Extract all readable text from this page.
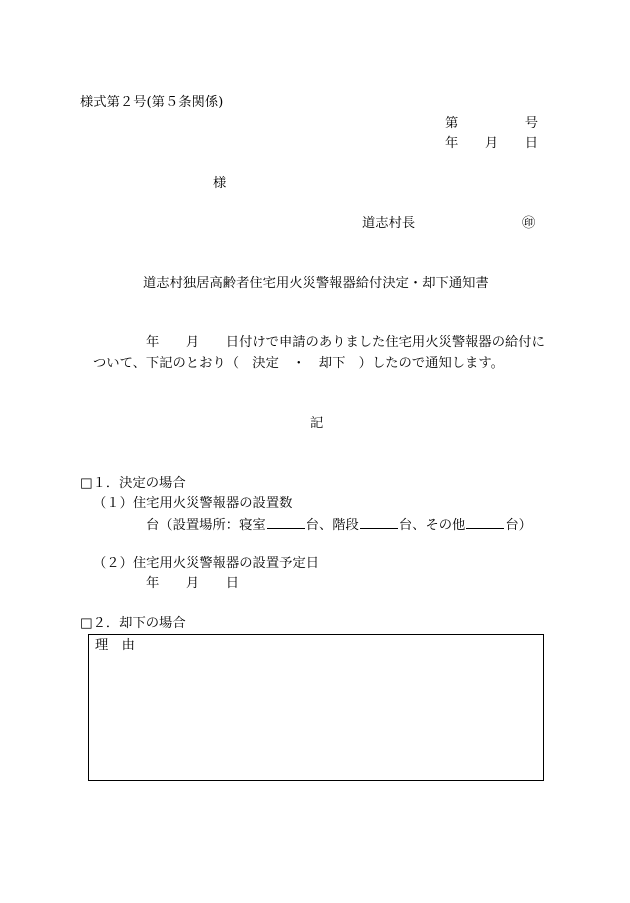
様式第２号(第５条関係)
第　　　　　号
年　　月　　日
様
道志村長	㊞
道志村独居高齢者住宅用火災警報器給付決定・却下通知書
年　　月　　日付けで申請のありました住宅用火災警報器の給付に
ついて、下記のとおり（　決定　・　却下　）したので通知します。
記
□１．決定の場合
（１）住宅用火災警報器の設置数
台（設置場所：寝室	台、階段	台、その他	台）
（２）住宅用火災警報器の設置予定日
年　　月　　日
□２．却下の場合
理　由
